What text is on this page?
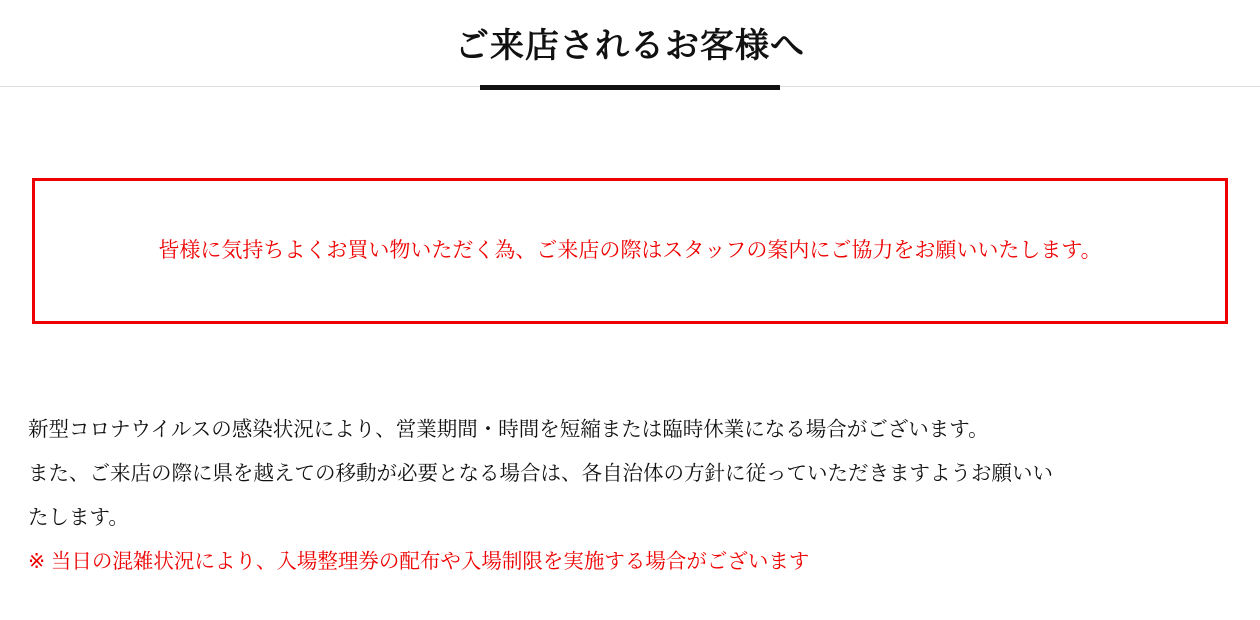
ご来店されるお客様へ
皆様に気持ちよくお買い物いただく為、ご来店の際はスタッフの案内にご協力をお願いいたします。
新型コロナウイルスの感染状況により、営業期間・時間を短縮または臨時休業になる場合がございます。
また、ご来店の際に県を越えての移動が必要となる場合は、各自治体の方針に従っていただきますようお願いい
たします。
※ 当日の混雑状況により、入場整理券の配布や入場制限を実施する場合がございます
